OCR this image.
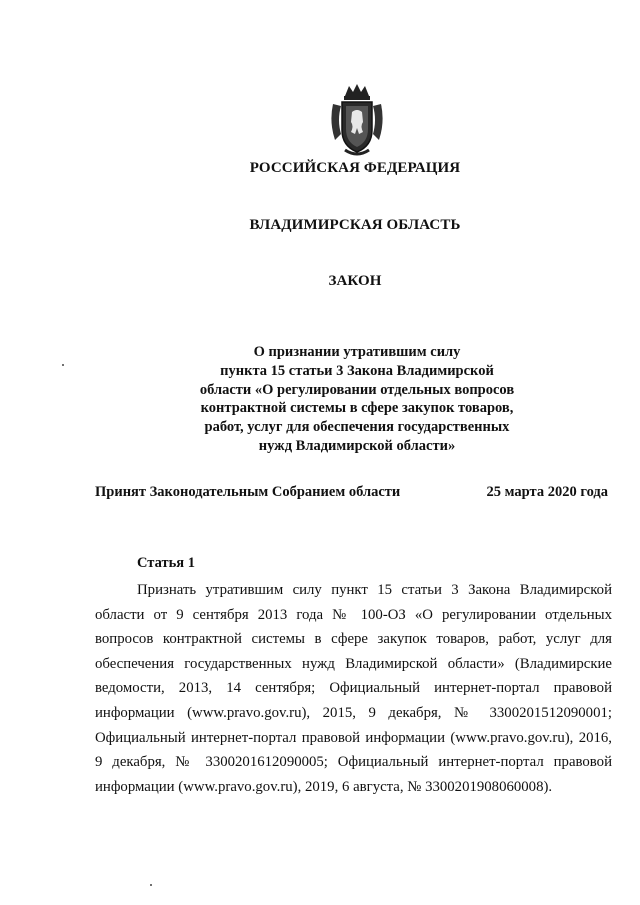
РОССИЙСКАЯ ФЕДЕРАЦИЯ
ВЛАДИМИРСКАЯ ОБЛАСТЬ
ЗАКОН
О признании утратившим силу
пункта 15 статьи 3 Закона Владимирской
области «О регулировании отдельных вопросов
контрактной системы в сфере закупок товаров,
работ, услуг для обеспечения государственных
нужд Владимирской области»
Принят Законодательным Собранием области	25 марта 2020 года
Статья 1
Признать утратившим силу пункт 15 статьи 3 Закона Владимирской области от 9 сентября 2013 года № 100-ОЗ «О регулировании отдельных вопросов контрактной системы в сфере закупок товаров, работ, услуг для обеспечения государственных нужд Владимирской области» (Владимирские ведомости, 2013, 14 сентября; Официальный интернет-портал правовой информации (www.pravo.gov.ru), 2015, 9 декабря, № 3300201512090001; Официальный интернет-портал правовой информации (www.pravo.gov.ru), 2016, 9 декабря, № 3300201612090005; Официальный интернет-портал правовой информации (www.pravo.gov.ru), 2019, 6 августа, № 3300201908060008).
